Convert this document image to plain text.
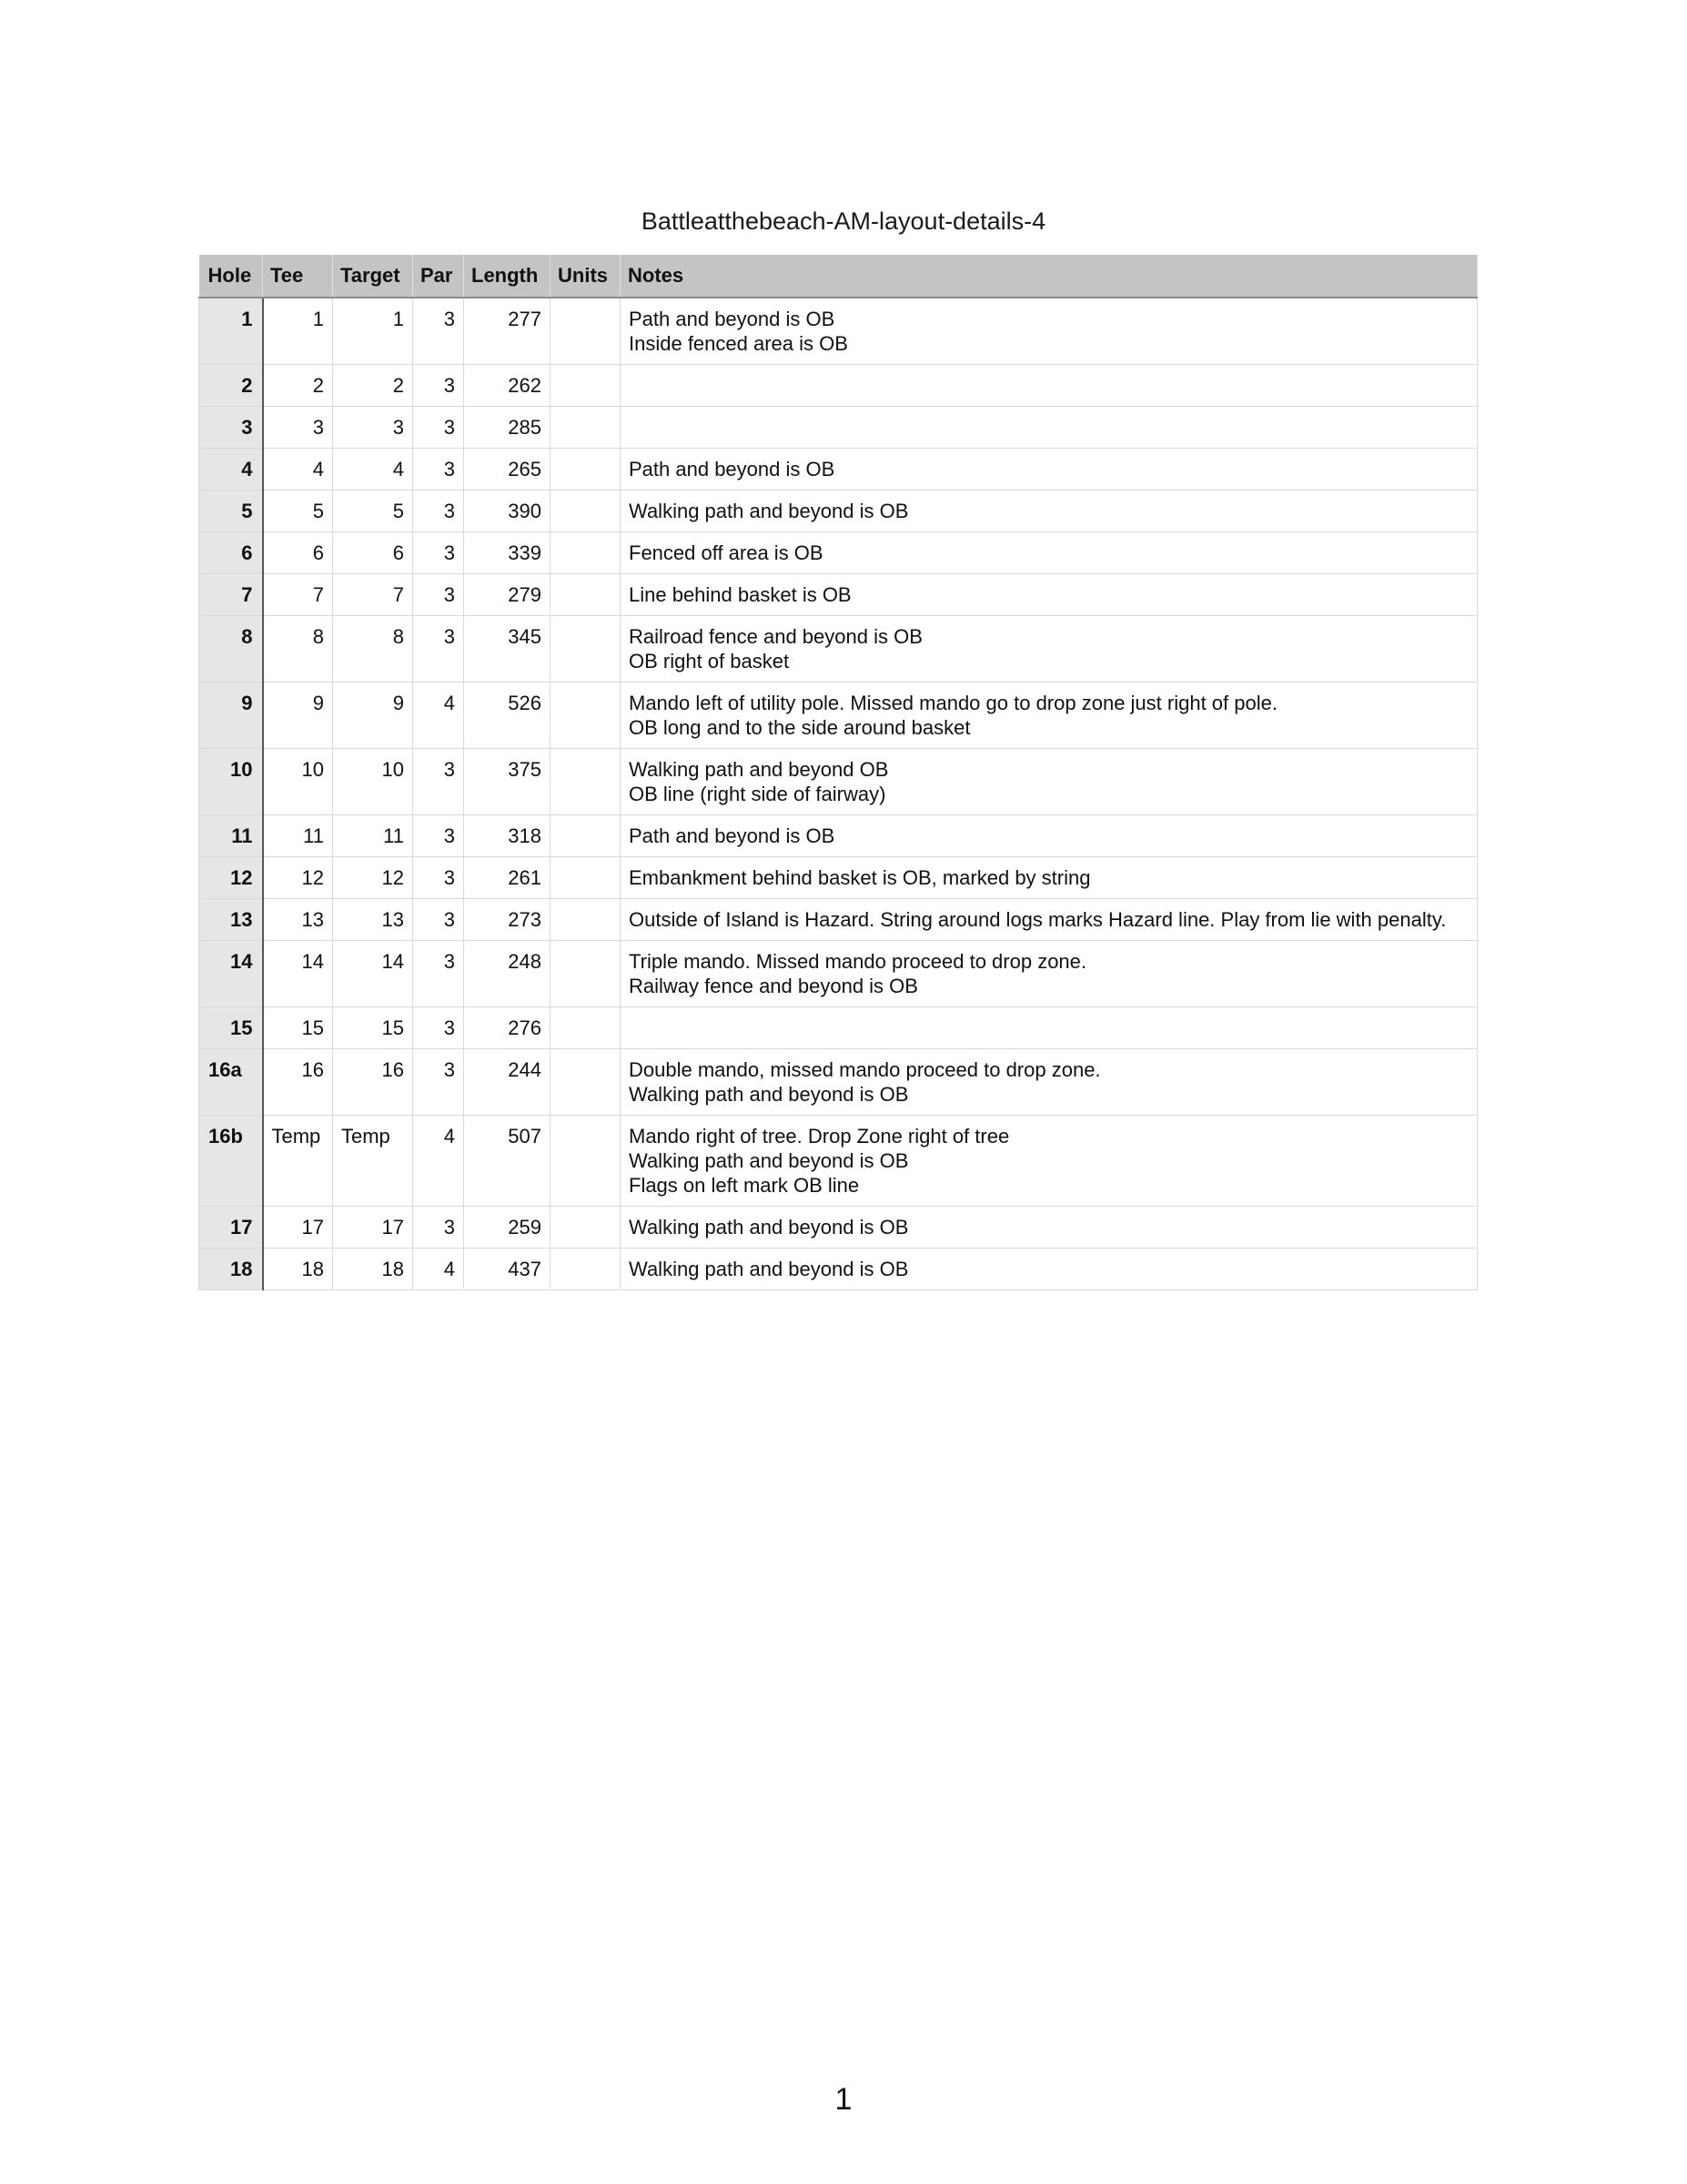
Battleatthebeach-AM-layout-details-4
Hole	Tee	Target	Par	Length	Units	Notes
1	1	1	3	277		Path and beyond is OB
Inside fenced area is OB

2	2	2	3	262		

3	3	3	3	285		

4	4	4	3	265		Path and beyond is OB

5	5	5	3	390		Walking path and beyond is OB

6	6	6	3	339		Fenced off area is OB

7	7	7	3	279		Line behind basket is OB

8	8	8	3	345		Railroad fence and beyond is OB
OB right of basket

9	9	9	4	526		Mando left of utility pole. Missed mando go to drop zone just right of pole.
OB long and to the side around basket

10	10	10	3	375		Walking path and beyond OB
OB line (right side of fairway)

11	11	11	3	318		Path and beyond is OB

12	12	12	3	261		Embankment behind basket is OB, marked by string

13	13	13	3	273		Outside of Island is Hazard. String around logs marks Hazard line. Play from lie with penalty.

14	14	14	3	248		Triple mando. Missed mando proceed to drop zone.
Railway fence and beyond is OB

15	15	15	3	276		

16a	16	16	3	244		Double mando, missed mando proceed to drop zone.
Walking path and beyond is OB

16b	Temp	Temp	4	507		Mando right of tree. Drop Zone right of tree
Walking path and beyond is OB
Flags on left mark OB line

17	17	17	3	259		Walking path and beyond is OB

18	18	18	4	437		Walking path and beyond is OB
1
